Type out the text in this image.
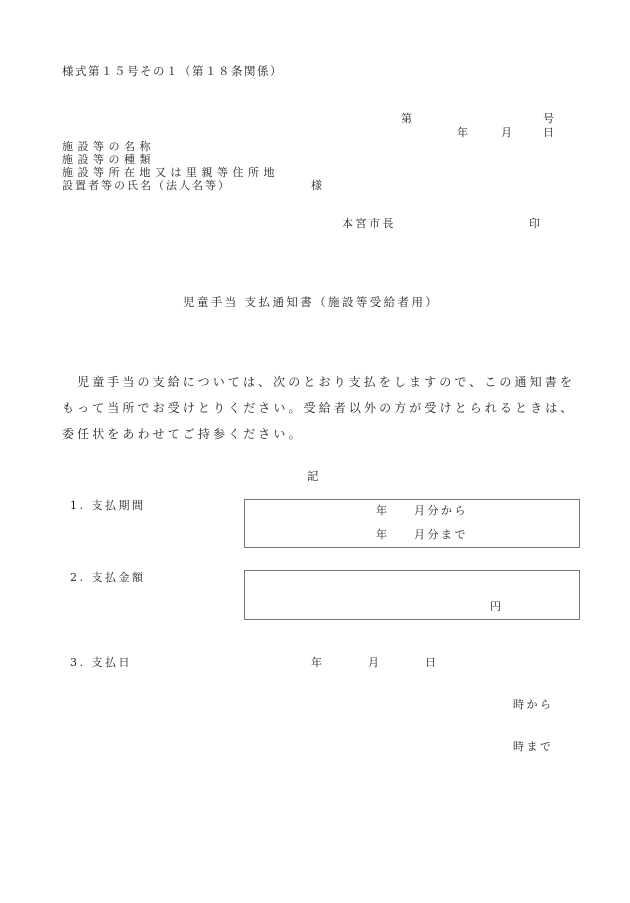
様式第１５号その１（第１８条関係）
第	号
年	月	日
施設等の名称
施設等の種類
施設等所在地又は里親等住所地
設置者等の氏名（法人名等）	様
本宮市長	印
児童手当 支払通知書（施設等受給者用）
　児童手当の支給については、次のとおり支払をしますので、この通知書を
もって当所でお受けとりください。受給者以外の方が受けとられるときは、
委任状をあわせてご持参ください。
記
1. 支払期間	年 月分から
年 月分まで
2. 支払金額
円
3. 支払日	年	月	日
時から
時まで
